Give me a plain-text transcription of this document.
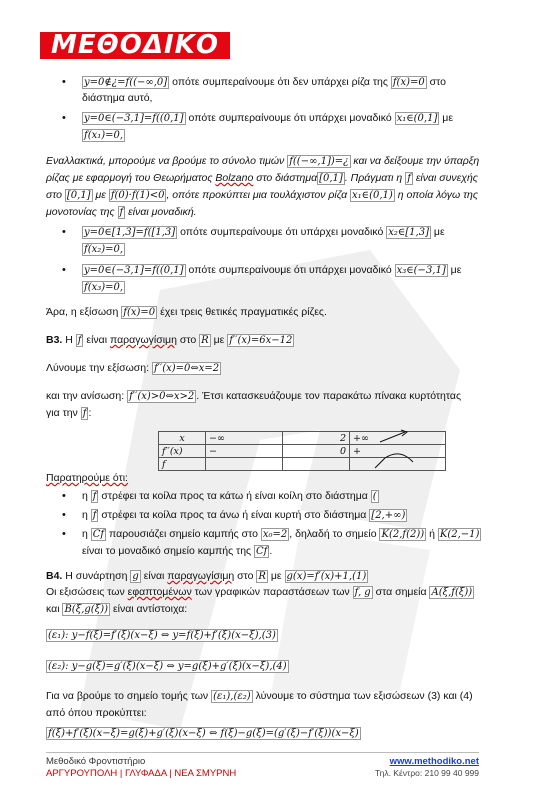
ΜΕΘΟΔΙΚΟ
• y=0∉¿=f((−∞,0] οπότε συμπεραίνουμε ότι δεν υπάρχει ρίζα της f(x)=0 στο
διάστημα αυτό,
• y=0∈(−3,1]=f((0,1] οπότε συμπεραίνουμε ότι υπάρχει μοναδικό x₁∈(0,1] με
f(x₁)=0,
Εναλλακτικά, μπορούμε να βρούμε το σύνολο τιμών f((−∞,1])=¿ και να δείξουμε την ύπαρξη
ρίζας με εφαρμογή του Θεωρήματος Bolzano στο διάστημα [0,1] . Πράγματι η f είναι συνεχής
στο [0,1] με f(0)·f(1)<0 , οπότε προκύπτει μια τουλάχιστον ρίζα x₁∈(0,1) η οποία λόγω της
μονοτονίας της f είναι μοναδική.
• y=0∈[1,3]=f([1,3] οπότε συμπεραίνουμε ότι υπάρχει μοναδικό x₂∈[1,3] με
f(x₂)=0,
• y=0∈(−3,1]=f((0,1] οπότε συμπεραίνουμε ότι υπάρχει μοναδικό x₃∈(−3,1] με
f(x₃)=0,
Άρα, η εξίσωση f(x)=0 έχει τρεις θετικές πραγματικές ρίζες.
B3. Η f είναι παραγωγίσιμη στο R με f′′(x)=6x−12
Λύνουμε την εξίσωση: f′′(x)=0⇔x=2
και την ανίσωση: f′′(x)>0⇔x>2 . Έτσι κατασκευάζουμε τον παρακάτω πίνακα κυρτότητας
για την f :
x	−∞	2	+∞
f′′(x)	−	0	+
f			
Παρατηρούμε ότι:
• η f στρέφει τα κοίλα προς τα κάτω ή είναι κοίλη στο διάστημα (
• η f στρέφει τα κοίλα προς τα άνω ή είναι κυρτή στο διάστημα [2,+∞)
• η Cf παρουσιάζει σημείο καμπής στο x₀=2 , δηλαδή το σημείο K(2,f(2)) ή K(2,−1)
είναι το μοναδικό σημείο καμπής της Cf .
B4. Η συνάρτηση g είναι παραγωγίσιμη στο R με g(x)=f′(x)+1,(1)
Οι εξισώσεις των εφαπτομένων των γραφικών παραστάσεων των f, g στα σημεία A(ξ,f(ξ))
και B(ξ,g(ξ)) είναι αντίστοιχα:
(ε₁): y−f(ξ)=f′(ξ)(x−ξ) ⇔ y=f(ξ)+f′(ξ)(x−ξ),(3)
(ε₂): y−g(ξ)=g′(ξ)(x−ξ) ⇔ y=g(ξ)+g′(ξ)(x−ξ),(4)
Για να βρούμε το σημείο τομής των (ε₁),(ε₂) λύνουμε το σύστημα των εξισώσεων (3) και (4)
από όπου προκύπτει:
f(ξ)+f′(ξ)(x−ξ)=g(ξ)+g′(ξ)(x−ξ) ⇔ f(ξ)−g(ξ)=(g′(ξ)−f′(ξ))(x−ξ)
Μεθοδικό Φροντιστήριο
ΑΡΓΥΡΟΥΠΟΛΗ | ΓΛΥΦΑΔΑ | ΝΕΑ ΣΜΥΡΝΗ
www.methodiko.net
Τηλ. Κέντρο: 210 99 40 999
